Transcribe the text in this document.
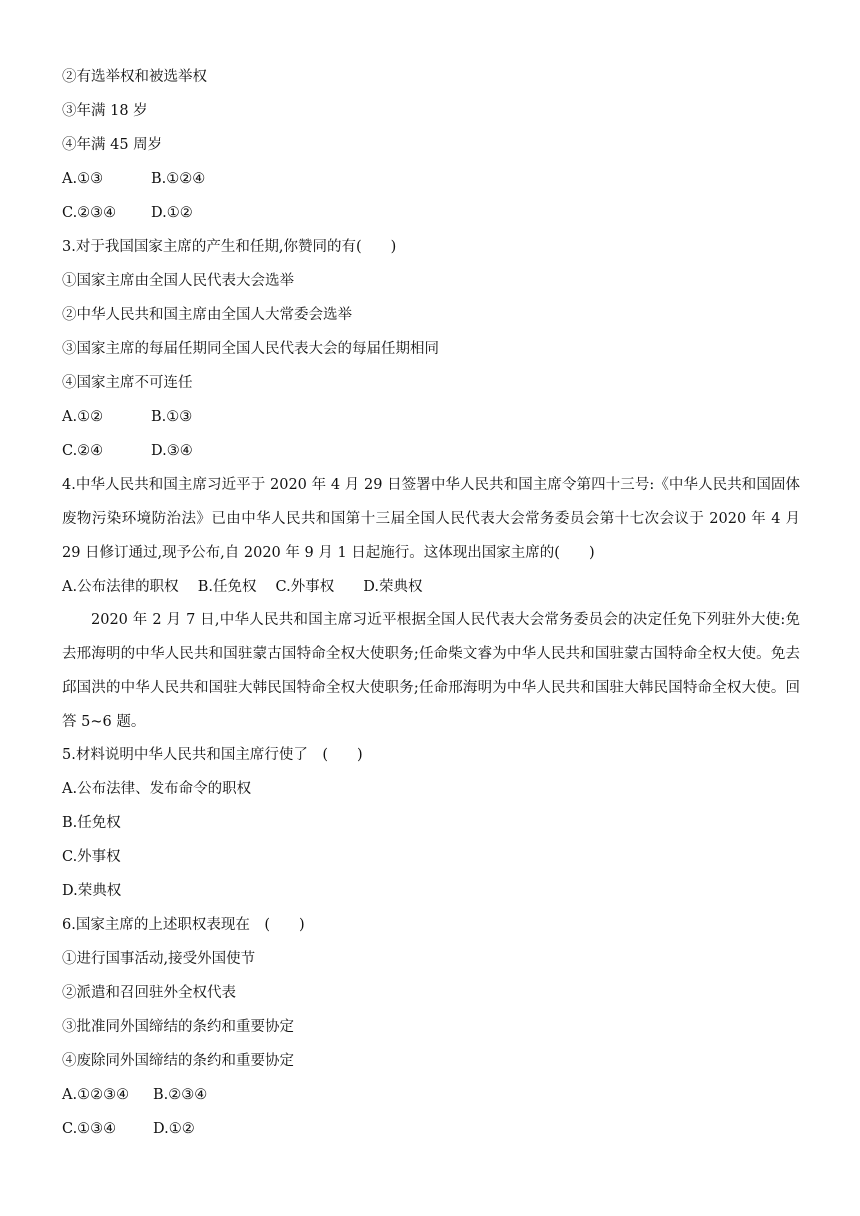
②有选举权和被选举权
③年满 18 岁
④年满 45 周岁
A.①③	B.①②④
C.②③④ D.①②
3.对于我国国家主席的产生和任期,你赞同的有(　　)
①国家主席由全国人民代表大会选举
②中华人民共和国主席由全国人大常委会选举
③国家主席的每届任期同全国人民代表大会的每届任期相同
④国家主席不可连任
A.①②	B.①③
C.②④	D.③④
4.中华人民共和国主席习近平于 2020 年 4 月 29 日签署中华人民共和国主席令第四十三号:《中华人民共和国固体废物污染环境防治法》已由中华人民共和国第十三届全国人民代表大会常务委员会第十七次会议于 2020 年 4 月 29 日修订通过,现予公布,自 2020 年 9 月 1 日起施行。这体现出国家主席的(　　)
A.公布法律的职权　 B.任免权　 C.外事权　　D.荣典权
2020 年 2 月 7 日,中华人民共和国主席习近平根据全国人民代表大会常务委员会的决定任免下列驻外大使:免去邢海明的中华人民共和国驻蒙古国特命全权大使职务;任命柴文睿为中华人民共和国驻蒙古国特命全权大使。免去邱国洪的中华人民共和国驻大韩民国特命全权大使职务;任命邢海明为中华人民共和国驻大韩民国特命全权大使。回答 5~6 题。
5.材料说明中华人民共和国主席行使了　(　　)
A.公布法律、发布命令的职权
B.任免权
C.外事权
D.荣典权
6.国家主席的上述职权表现在　(　　)
①进行国事活动,接受外国使节
②派遣和召回驻外全权代表
③批准同外国缔结的条约和重要协定
④废除同外国缔结的条约和重要协定
A.①②③④ B.②③④
C.①③④	D.①②
